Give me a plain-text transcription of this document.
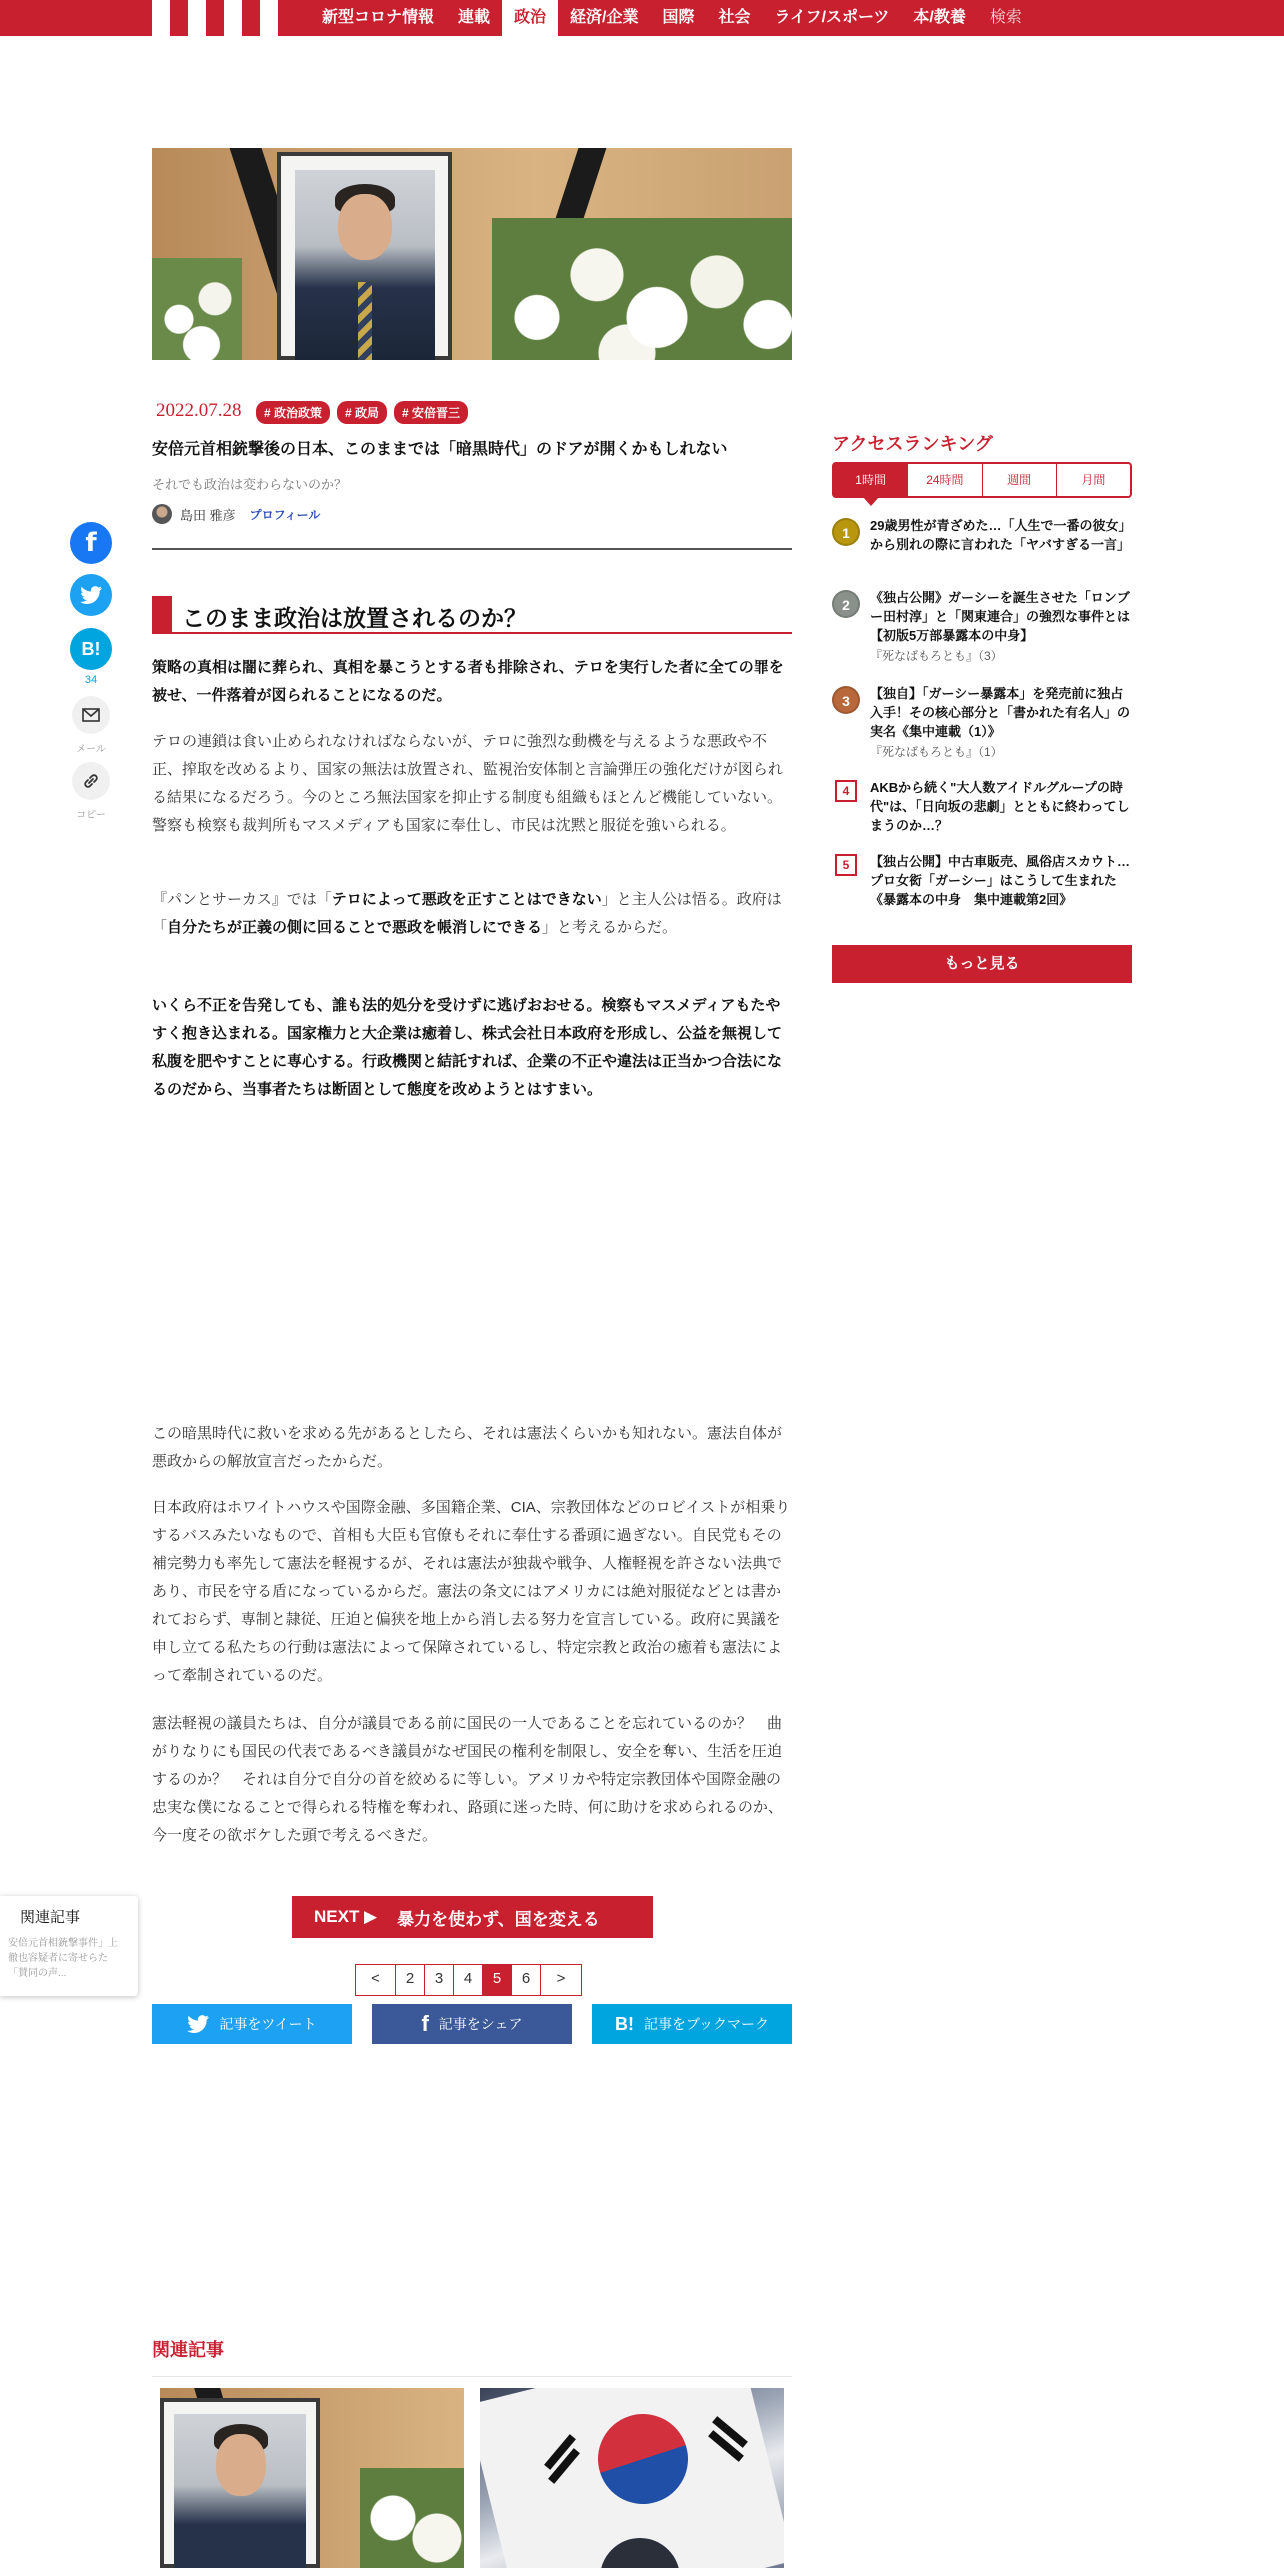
新型コロナ情報	連載	政治	経済/企業	国際	社会	ライフ/スポーツ	本/教養	検索
2022.07.28	# 政治政策	# 政局	# 安倍晋三
安倍元首相銃撃後の日本、このままでは「暗黒時代」のドアが開くかもしれない
それでも政治は変わらないのか？
島田 雅彦 プロフィール
f
B!
34
メール
コピー
このまま政治は放置されるのか？

策略の真相は闇に葬られ、真相を暴こうとする者も排除され、テロを実行した者に全ての罪を被せ、一件落着が図られることになるのだ。

テロの連鎖は食い止められなければならないが、テロに強烈な動機を与えるような悪政や不正、搾取を改めるより、国家の無法は放置され、監視治安体制と言論弾圧の強化だけが図られる結果になるだろう。今のところ無法国家を抑止する制度も組織もほとんど機能していない。警察も検察も裁判所もマスメディアも国家に奉仕し、市民は沈黙と服従を強いられる。

『パンとサーカス』では「テロによって悪政を正すことはできない」と主人公は悟る。政府は「自分たちが正義の側に回ることで悪政を帳消しにできる」と考えるからだ。

いくら不正を告発しても、誰も法的処分を受けずに逃げおおせる。検察もマスメディアもたやすく抱き込まれる。国家権力と大企業は癒着し、株式会社日本政府を形成し、公益を無視して私腹を肥やすことに専心する。行政機関と結託すれば、企業の不正や違法は正当かつ合法になるのだから、当事者たちは断固として態度を改めようとはすまい。

この暗黒時代に救いを求める先があるとしたら、それは憲法くらいかも知れない。憲法自体が悪政からの解放宣言だったからだ。

日本政府はホワイトハウスや国際金融、多国籍企業、CIA、宗教団体などのロビイストが相乗りするバスみたいなもので、首相も大臣も官僚もそれに奉仕する番頭に過ぎない。自民党もその補完勢力も率先して憲法を軽視するが、それは憲法が独裁や戦争、人権軽視を許さない法典であり、市民を守る盾になっているからだ。憲法の条文にはアメリカには絶対服従などとは書かれておらず、専制と隷従、圧迫と偏狭を地上から消し去る努力を宣言している。政府に異議を申し立てる私たちの行動は憲法によって保障されているし、特定宗教と政治の癒着も憲法によって牽制されているのだ。

憲法軽視の議員たちは、自分が議員である前に国民の一人であることを忘れているのか？　曲がりなりにも国民の代表であるべき議員がなぜ国民の権利を制限し、安全を奪い、生活を圧迫するのか？　それは自分で自分の首を絞めるに等しい。アメリカや特定宗教団体や国際金融の忠実な僕になることで得られる特権を奪われ、路頭に迷った時、何に助けを求められるのか、今一度その欲ボケした頭で考えるべきだ。

関連記事
安倍元首相銃撃事件」上徹也容疑者に寄せらた「賛同の声...
NEXT ▶ 暴力を使わず、国を変える
<	2	3	4	5	6	>
記事をツイート	f 記事をシェア	B! 記事をブックマーク
関連記事
アクセスランキング
1時間	24時間	週間	月間
1	29歳男性が青ざめた…「人生で一番の彼女」から別れの際に言われた「ヤバすぎる一言」
2	《独占公開》ガーシーを誕生させた「ロンブー田村淳」と「関東連合」の強烈な事件とは【初版5万部暴露本の中身】
『死なばもろとも』（3）
3	【独自】「ガーシー暴露本」を発売前に独占入手！その核心部分と「書かれた有名人」の実名《集中連載（1）》
『死なばもろとも』（1）
4	AKBから続く"大人数アイドルグループの時代"は、「日向坂の悲劇」とともに終わってしまうのか…？
5	【独占公開】中古車販売、風俗店スカウト…プロ女衒「ガーシー」はこうして生まれた《暴露本の中身　集中連載第2回》
もっと見る
